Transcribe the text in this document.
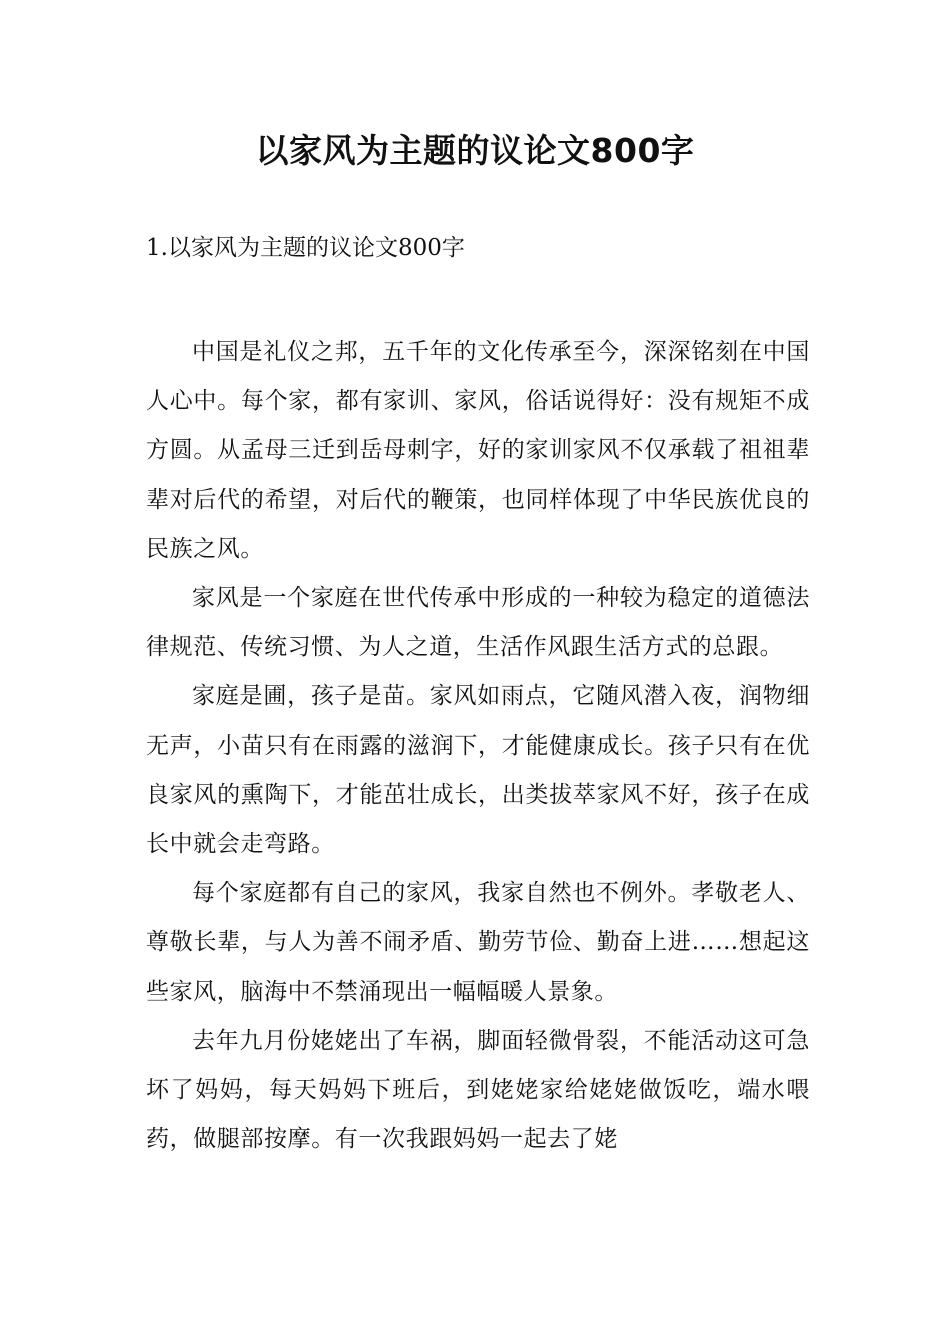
以家风为主题的议论文800字
1.以家风为主题的议论文800字

中国是礼仪之邦，五千年的文化传承至今，深深铭刻在中国人心中。每个家，都有家训、家风，俗话说得好：没有规矩不成方圆。从孟母三迁到岳母刺字，好的家训家风不仅承载了祖祖辈辈对后代的希望，对后代的鞭策，也同样体现了中华民族优良的民族之风。

家风是一个家庭在世代传承中形成的一种较为稳定的道德法律规范、传统习惯、为人之道，生活作风跟生活方式的总跟。

家庭是圃，孩子是苗。家风如雨点，它随风潜入夜，润物细无声，小苗只有在雨露的滋润下，才能健康成长。孩子只有在优良家风的熏陶下，才能茁壮成长，出类拔萃家风不好，孩子在成长中就会走弯路。

每个家庭都有自己的家风，我家自然也不例外。孝敬老人、尊敬长辈，与人为善不闹矛盾、勤劳节俭、勤奋上进……想起这些家风，脑海中不禁涌现出一幅幅暖人景象。

去年九月份姥姥出了车祸，脚面轻微骨裂，不能活动这可急坏了妈妈，每天妈妈下班后，到姥姥家给姥姥做饭吃，端水喂药，做腿部按摩。有一次我跟妈妈一起去了姥
